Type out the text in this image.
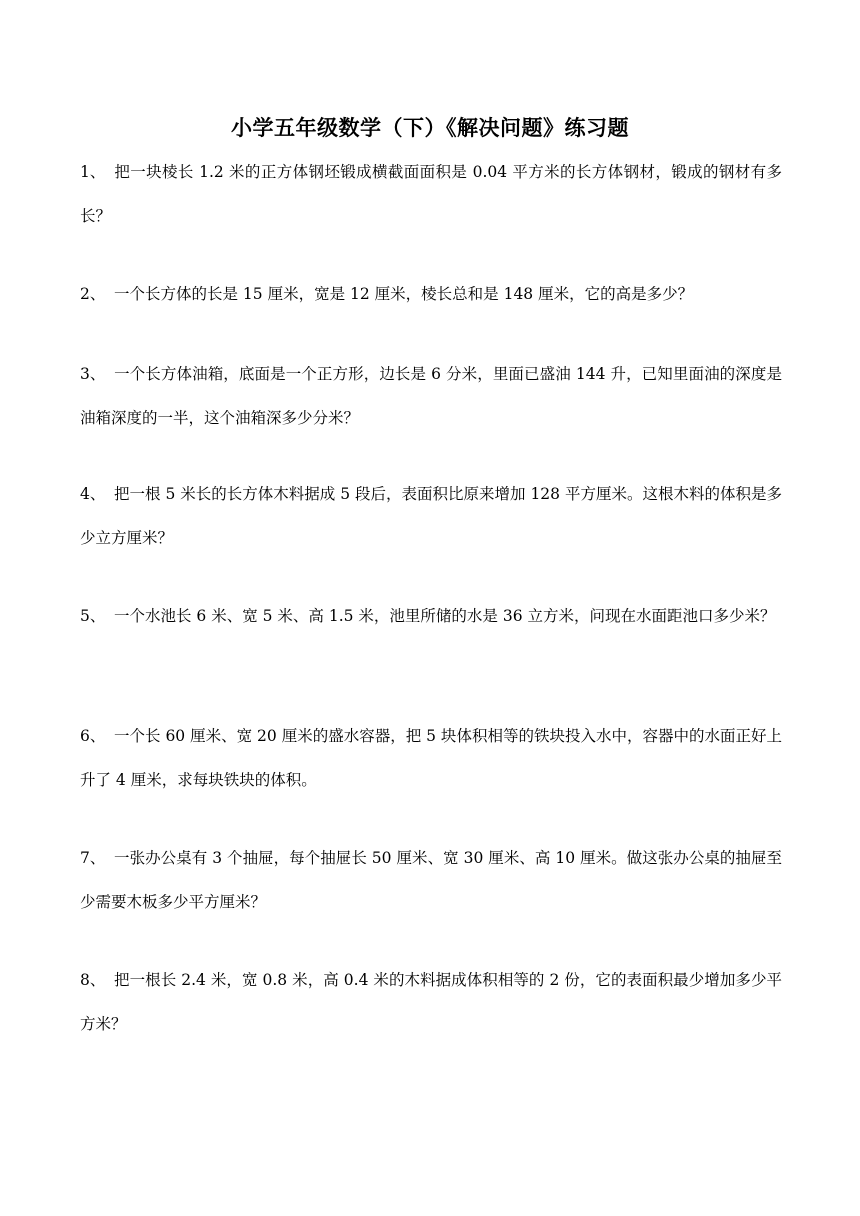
小学五年级数学（下）《解决问题》练习题
1、 把一块棱长 1.2 米的正方体钢坯锻成横截面面积是 0.04 平方米的长方体钢材，锻成的钢材有多长？
2、 一个长方体的长是 15 厘米，宽是 12 厘米，棱长总和是 148 厘米，它的高是多少？
3、 一个长方体油箱，底面是一个正方形，边长是 6 分米，里面已盛油 144 升，已知里面油的深度是油箱深度的一半，这个油箱深多少分米？
4、 把一根 5 米长的长方体木料据成 5 段后，表面积比原来增加 128 平方厘米。这根木料的体积是多少立方厘米？
5、 一个水池长 6 米、宽 5 米、高 1.5 米，池里所储的水是 36 立方米，问现在水面距池口多少米？
6、 一个长 60 厘米、宽 20 厘米的盛水容器，把 5 块体积相等的铁块投入水中，容器中的水面正好上升了 4 厘米，求每块铁块的体积。
7、 一张办公桌有 3 个抽屉，每个抽屉长 50 厘米、宽 30 厘米、高 10 厘米。做这张办公桌的抽屉至少需要木板多少平方厘米？
8、 把一根长 2.4 米，宽 0.8 米，高 0.4 米的木料据成体积相等的 2 份，它的表面积最少增加多少平方米？
